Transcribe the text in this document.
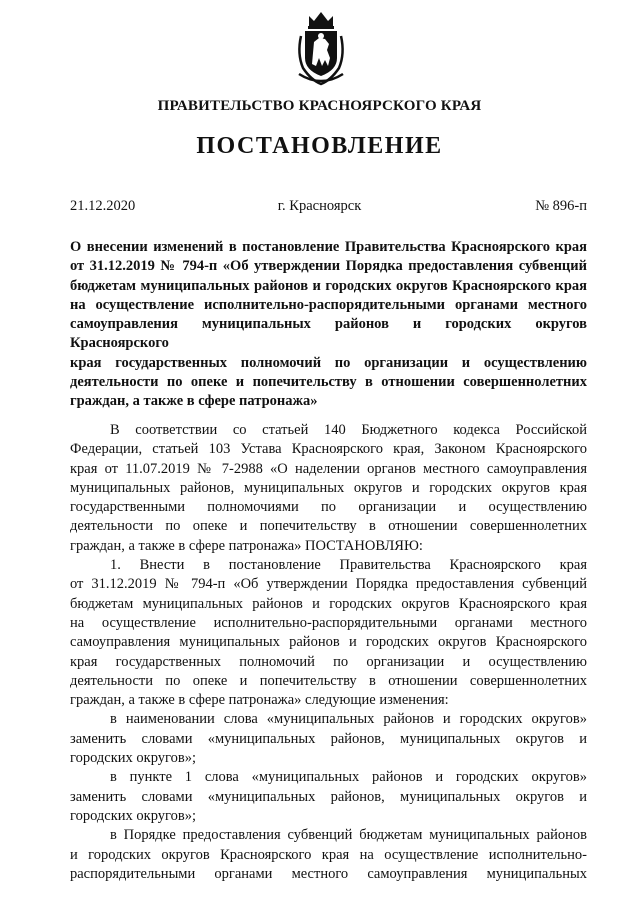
ПРАВИТЕЛЬСТВО КРАСНОЯРСКОГО КРАЯ
ПОСТАНОВЛЕНИЕ
21.12.2020	г. Красноярск	№ 896-п

О внесении изменений в постановление Правительства Красноярского края

от 31.12.2019 № 794-п «Об утверждении Порядка предоставления субвенций

бюджетам муниципальных районов и городских округов Красноярского края

на осуществление исполнительно-распорядительными органами местного

самоуправления муниципальных районов и городских округов Красноярского

края государственных полномочий по организации и осуществлению

деятельности по опеке и попечительству в отношении совершеннолетних

граждан, а также в сфере патронажа»

В соответствии со статьей 140 Бюджетного кодекса Российской

Федерации, статьей 103 Устава Красноярского края, Законом Красноярского

края от 11.07.2019 № 7-2988 «О наделении органов местного самоуправления

муниципальных районов, муниципальных округов и городских округов края

государственными полномочиями по организации и осуществлению

деятельности по опеке и попечительству в отношении совершеннолетних

граждан, а также в сфере патронажа» ПОСТАНОВЛЯЮ:

1. Внести в постановление Правительства Красноярского края

от 31.12.2019 № 794-п «Об утверждении Порядка предоставления субвенций

бюджетам муниципальных районов и городских округов Красноярского края

на осуществление исполнительно-распорядительными органами местного

самоуправления муниципальных районов и городских округов Красноярского

края государственных полномочий по организации и осуществлению

деятельности по опеке и попечительству в отношении совершеннолетних

граждан, а также в сфере патронажа» следующие изменения:

в наименовании слова «муниципальных районов и городских округов»

заменить словами «муниципальных районов, муниципальных округов и

городских округов»;

в пункте 1 слова «муниципальных районов и городских округов»

заменить словами «муниципальных районов, муниципальных округов и

городских округов»;

в Порядке предоставления субвенций бюджетам муниципальных районов

и городских округов Красноярского края на осуществление исполнительно-

распорядительными органами местного самоуправления муниципальных
